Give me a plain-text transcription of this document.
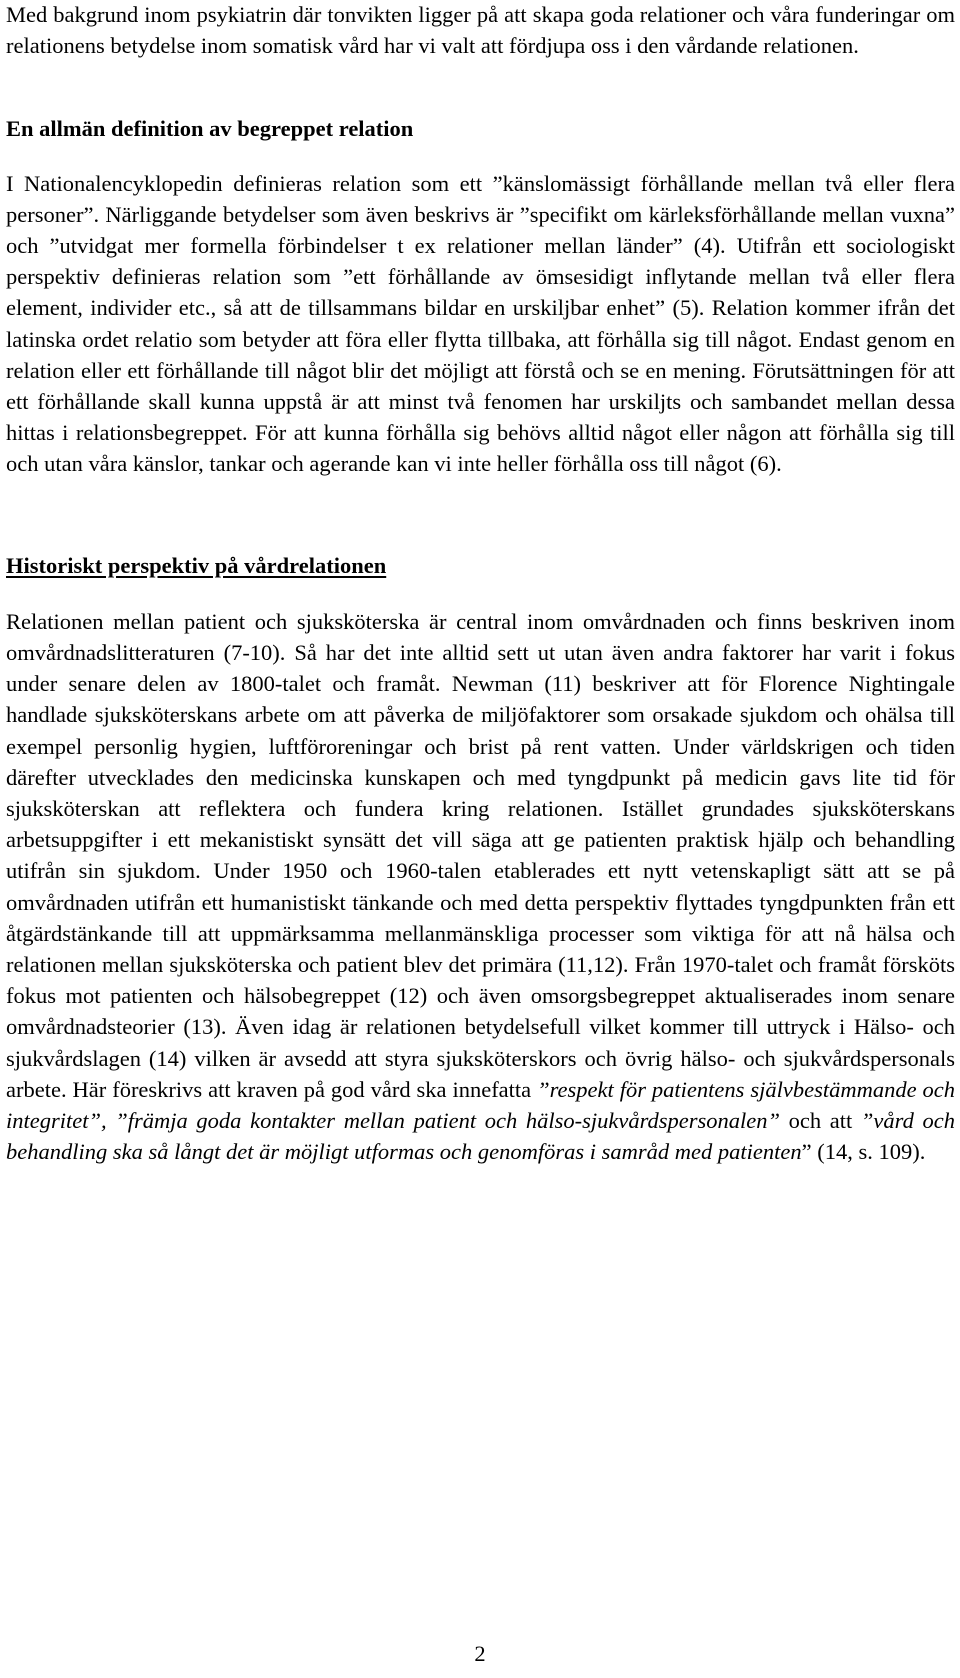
Med bakgrund inom psykiatrin där tonvikten ligger på att skapa goda relationer och våra funderingar om relationens betydelse inom somatisk vård har vi valt att fördjupa oss i den vårdande relationen.

En allmän definition av begreppet relation

I Nationalencyklopedin definieras relation som ett ”känslomässigt förhållande mellan två eller flera personer”. Närliggande betydelser som även beskrivs är ”specifikt om kärleksförhållande mellan vuxna” och ”utvidgat mer formella förbindelser t ex relationer mellan länder” (4). Utifrån ett sociologiskt perspektiv definieras relation som ”ett förhållande av ömsesidigt inflytande mellan två eller flera element, individer etc., så att de tillsammans bildar en urskiljbar enhet” (5). Relation kommer ifrån det latinska ordet relatio som betyder att föra eller flytta tillbaka, att förhålla sig till något. Endast genom en relation eller ett förhållande till något blir det möjligt att förstå och se en mening. Förutsättningen för att ett förhållande skall kunna uppstå är att minst två fenomen har urskiljts och sambandet mellan dessa hittas i relationsbegreppet. För att kunna förhålla sig behövs alltid något eller någon att förhålla sig till och utan våra känslor, tankar och agerande kan vi inte heller förhålla oss till något (6).

Historiskt perspektiv på vårdrelationen

Relationen mellan patient och sjuksköterska är central inom omvårdnaden och finns beskriven inom omvårdnadslitteraturen (7-10). Så har det inte alltid sett ut utan även andra faktorer har varit i fokus under senare delen av 1800-talet och framåt. Newman (11) beskriver att för Florence Nightingale handlade sjuksköterskans arbete om att påverka de miljöfaktorer som orsakade sjukdom och ohälsa till exempel personlig hygien, luftföroreningar och brist på rent vatten. Under världskrigen och tiden därefter utvecklades den medicinska kunskapen och med tyngdpunkt på medicin gavs lite tid för sjuksköterskan att reflektera och fundera kring relationen. Istället grundades sjuksköterskans arbetsuppgifter i ett mekanistiskt synsätt det vill säga att ge patienten praktisk hjälp och behandling utifrån sin sjukdom. Under 1950 och 1960-talen etablerades ett nytt vetenskapligt sätt att se på omvårdnaden utifrån ett humanistiskt tänkande och med detta perspektiv flyttades tyngdpunkten från ett åtgärdstänkande till att uppmärksamma mellanmänskliga processer som viktiga för att nå hälsa och relationen mellan sjuksköterska och patient blev det primära (11,12). Från 1970-talet och framåt försköts fokus mot patienten och hälsobegreppet (12) och även omsorgsbegreppet aktualiserades inom senare omvårdnadsteorier (13). Även idag är relationen betydelsefull vilket kommer till uttryck i Hälso- och sjukvårdslagen (14) vilken är avsedd att styra sjuksköterskors och övrig hälso- och sjukvårdspersonals arbete. Här föreskrivs att kraven på god vård ska innefatta ”respekt för patientens självbestämmande och integritet”, ”främja goda kontakter mellan patient och hälso-sjukvårdspersonalen” och att ”vård och behandling ska så långt det är möjligt utformas och genomföras i samråd med patienten” (14, s. 109).

2
